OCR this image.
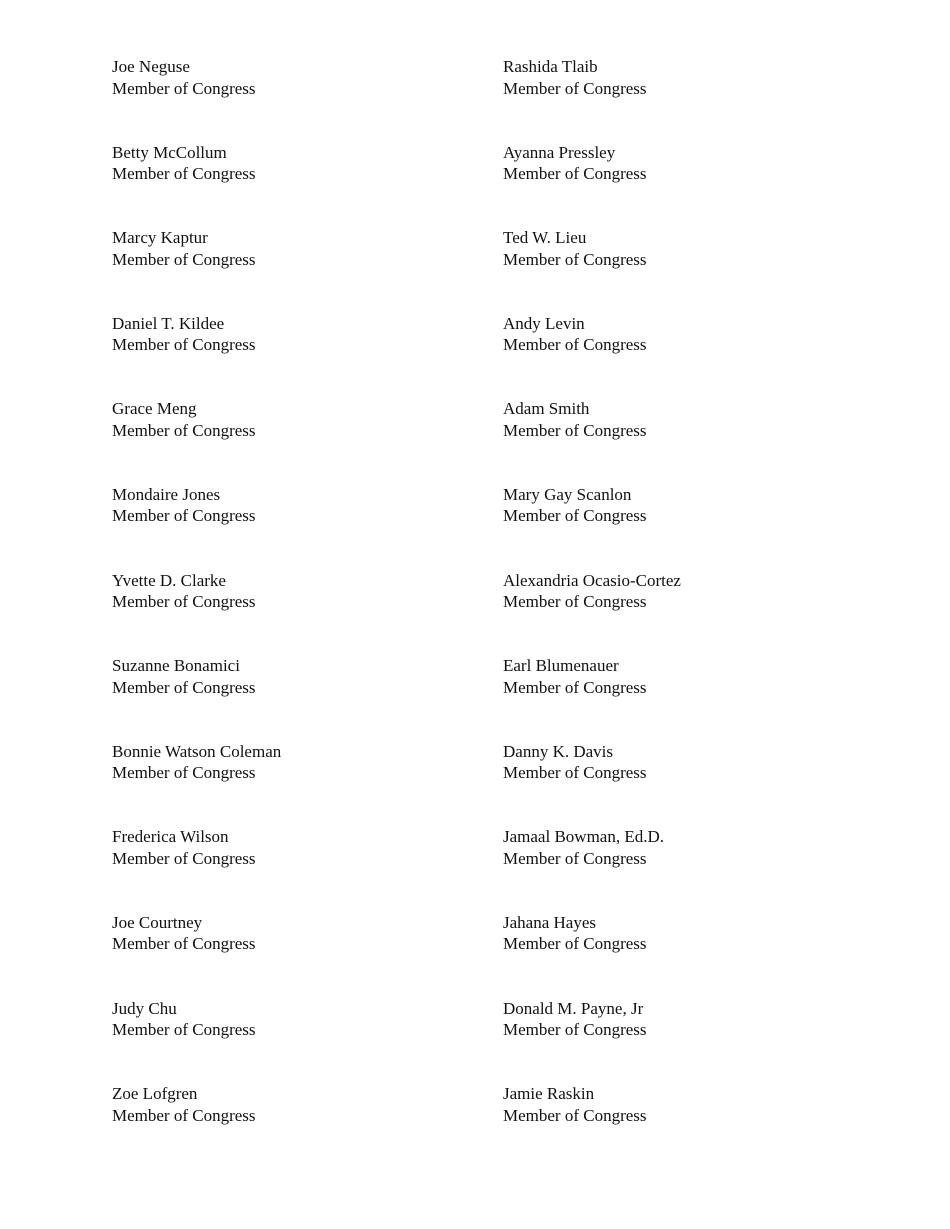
Joe Neguse
Member of Congress
Betty McCollum
Member of Congress
Marcy Kaptur
Member of Congress
Daniel T. Kildee
Member of Congress
Grace Meng
Member of Congress
Mondaire Jones
Member of Congress
Yvette D. Clarke
Member of Congress
Suzanne Bonamici
Member of Congress
Bonnie Watson Coleman
Member of Congress
Frederica Wilson
Member of Congress
Joe Courtney
Member of Congress
Judy Chu
Member of Congress
Zoe Lofgren
Member of Congress
Rashida Tlaib
Member of Congress
Ayanna Pressley
Member of Congress
Ted W. Lieu
Member of Congress
Andy Levin
Member of Congress
Adam Smith
Member of Congress
Mary Gay Scanlon
Member of Congress
Alexandria Ocasio-Cortez
Member of Congress
Earl Blumenauer
Member of Congress
Danny K. Davis
Member of Congress
Jamaal Bowman, Ed.D.
Member of Congress
Jahana Hayes
Member of Congress
Donald M. Payne, Jr
Member of Congress
Jamie Raskin
Member of Congress
